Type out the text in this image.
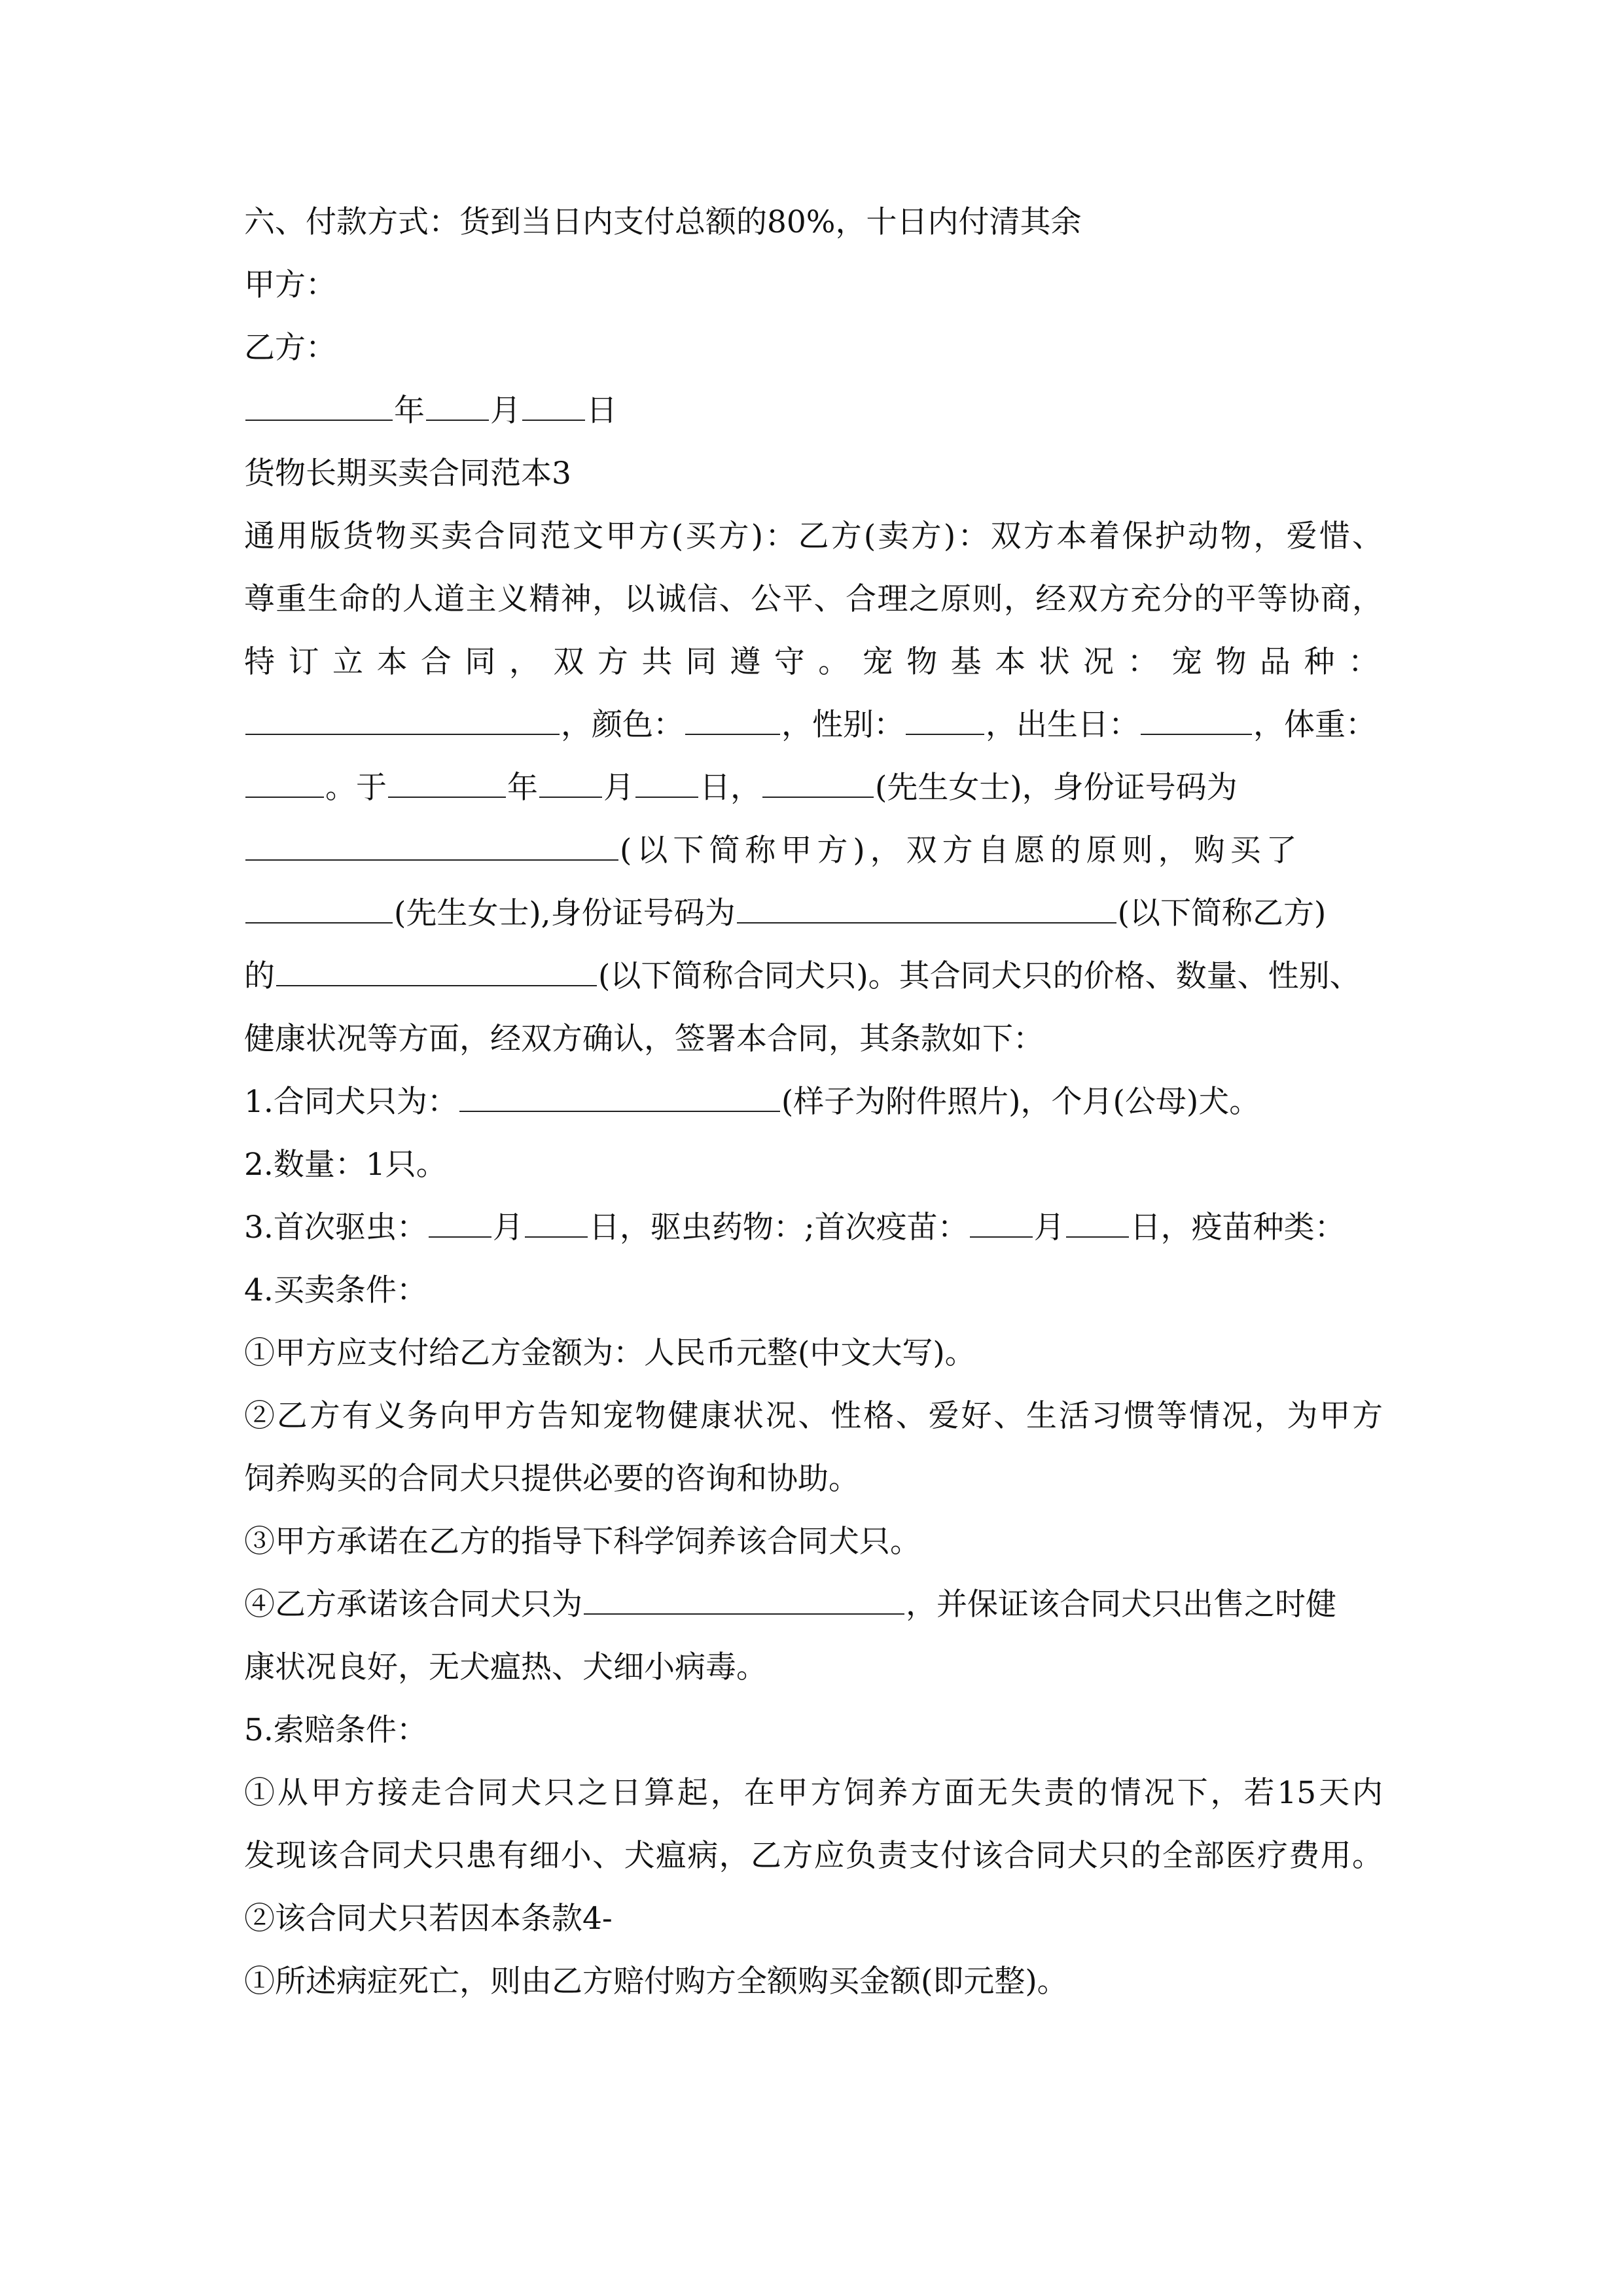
六、付款方式：货到当日内支付总额的80%，十日内付清其余
甲方：
乙方：
年 月 日
货物长期买卖合同范本3
通用版货物买卖合同范文甲方(买方)：乙方(卖方)：双方本着保护动物，爱惜、
尊重生命的人道主义精神，以诚信、公平、合理之原则，经双方充分的平等协商，
特订立本合同，双方共同遵守。宠物基本状况：宠物品种：
，颜色：	，性别：	，出生日：	，体重：
。于	年 月 日，	(先生女士)，身份证号码为
(以下简称甲方)，双方自愿的原则，购买了
(先生女士),身份证号码为	(以下简称乙方)
的	(以下简称合同犬只)。其合同犬只的价格、数量、性别、
健康状况等方面，经双方确认，签署本合同，其条款如下：
1.合同犬只为：	(样子为附件照片)，个月(公母)犬。
2.数量：1只。
3.首次驱虫： 月 日，驱虫药物：;首次疫苗： 月 日，疫苗种类：
4.买卖条件：
①甲方应支付给乙方金额为：人民币元整(中文大写)。
②乙方有义务向甲方告知宠物健康状况、性格、爱好、生活习惯等情况，为甲方
饲养购买的合同犬只提供必要的咨询和协助。
③甲方承诺在乙方的指导下科学饲养该合同犬只。
④乙方承诺该合同犬只为	，并保证该合同犬只出售之时健
康状况良好，无犬瘟热、犬细小病毒。
5.索赔条件：
①从甲方接走合同犬只之日算起，在甲方饲养方面无失责的情况下，若15天内
发现该合同犬只患有细小、犬瘟病，乙方应负责支付该合同犬只的全部医疗费用。
②该合同犬只若因本条款4-
①所述病症死亡，则由乙方赔付购方全额购买金额(即元整)。
